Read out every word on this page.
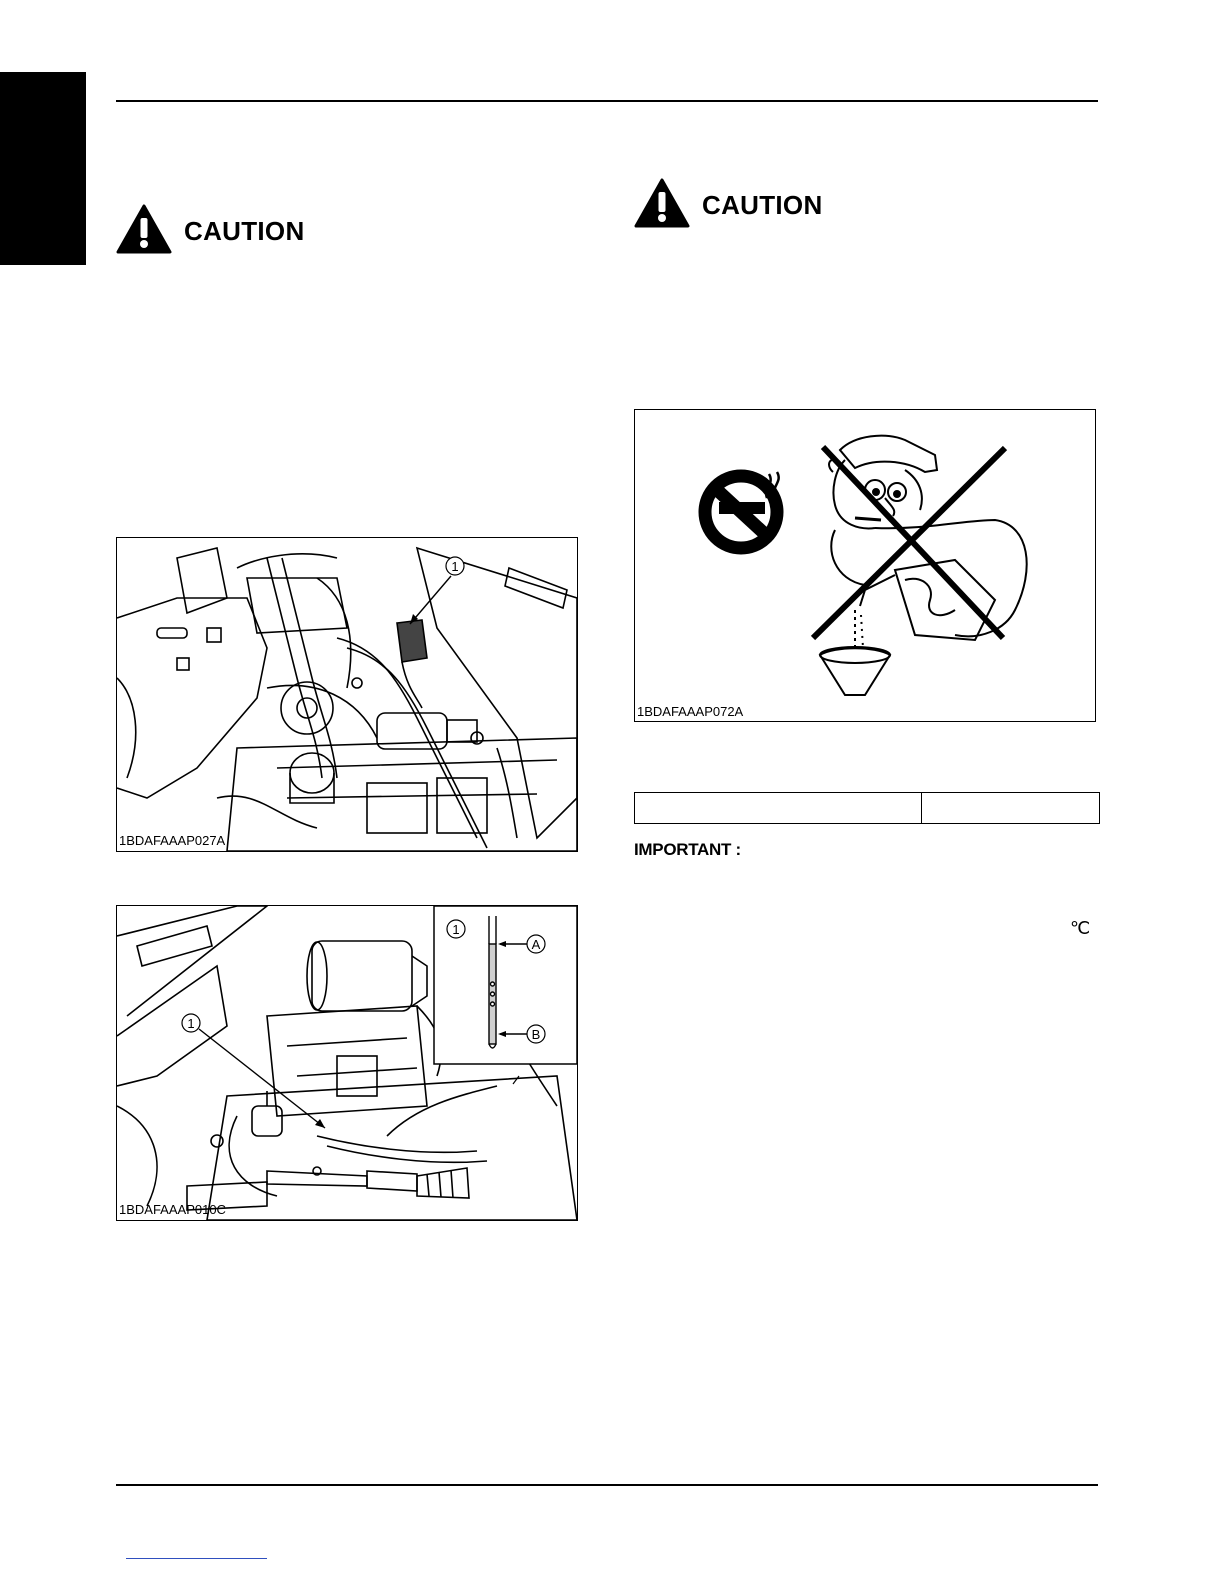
CAUTION
CAUTION
1
1BDAFAAAP027A
1
A
B
1
1BDAFAAAP010C
1BDAFAAAP072A

IMPORTANT :
℃
